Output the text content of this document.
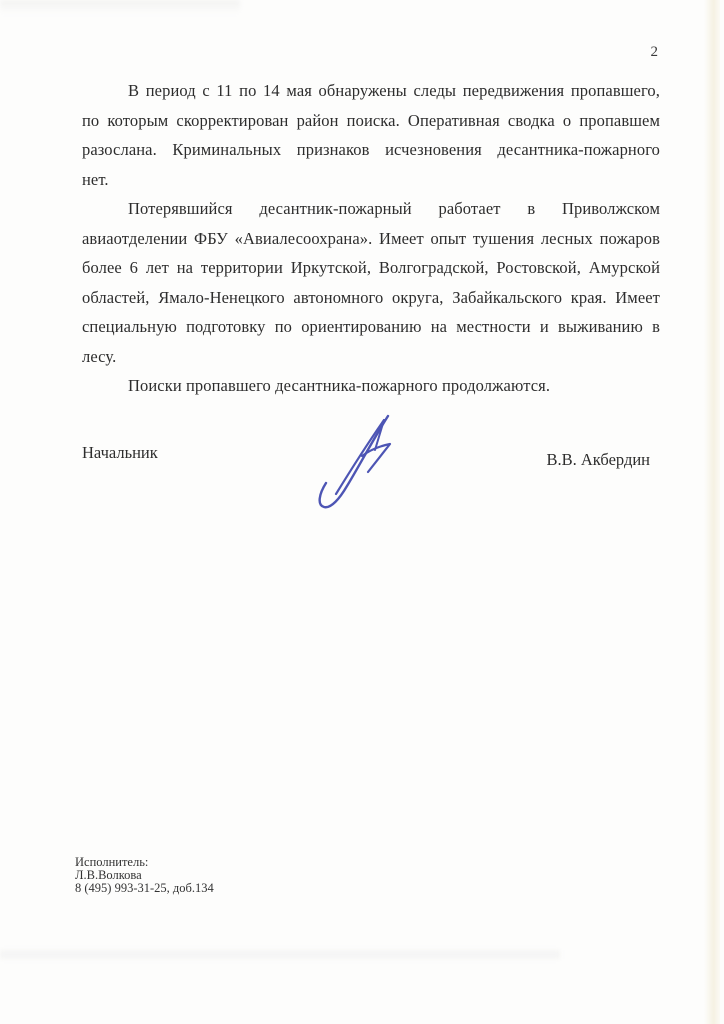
2
В период с 11 по 14 мая обнаружены следы передвижения пропавшего,
по которым скорректирован район поиска. Оперативная сводка о пропавшем
разослана. Криминальных признаков исчезновения десантника-пожарного
нет.
Потерявшийся десантник-пожарный работает в Приволжском
авиаотделении ФБУ «Авиалесоохрана». Имеет опыт тушения лесных пожаров
более 6 лет на территории Иркутской, Волгоградской, Ростовской, Амурской
областей, Ямало-Ненецкого автономного округа, Забайкальского края. Имеет
специальную подготовку по ориентированию на местности и выживанию в
лесу.
Поиски пропавшего десантника-пожарного продолжаются.
Начальник	В.В. Акбердин
Исполнитель:
Л.В.Волкова
8 (495) 993-31-25, доб.134
